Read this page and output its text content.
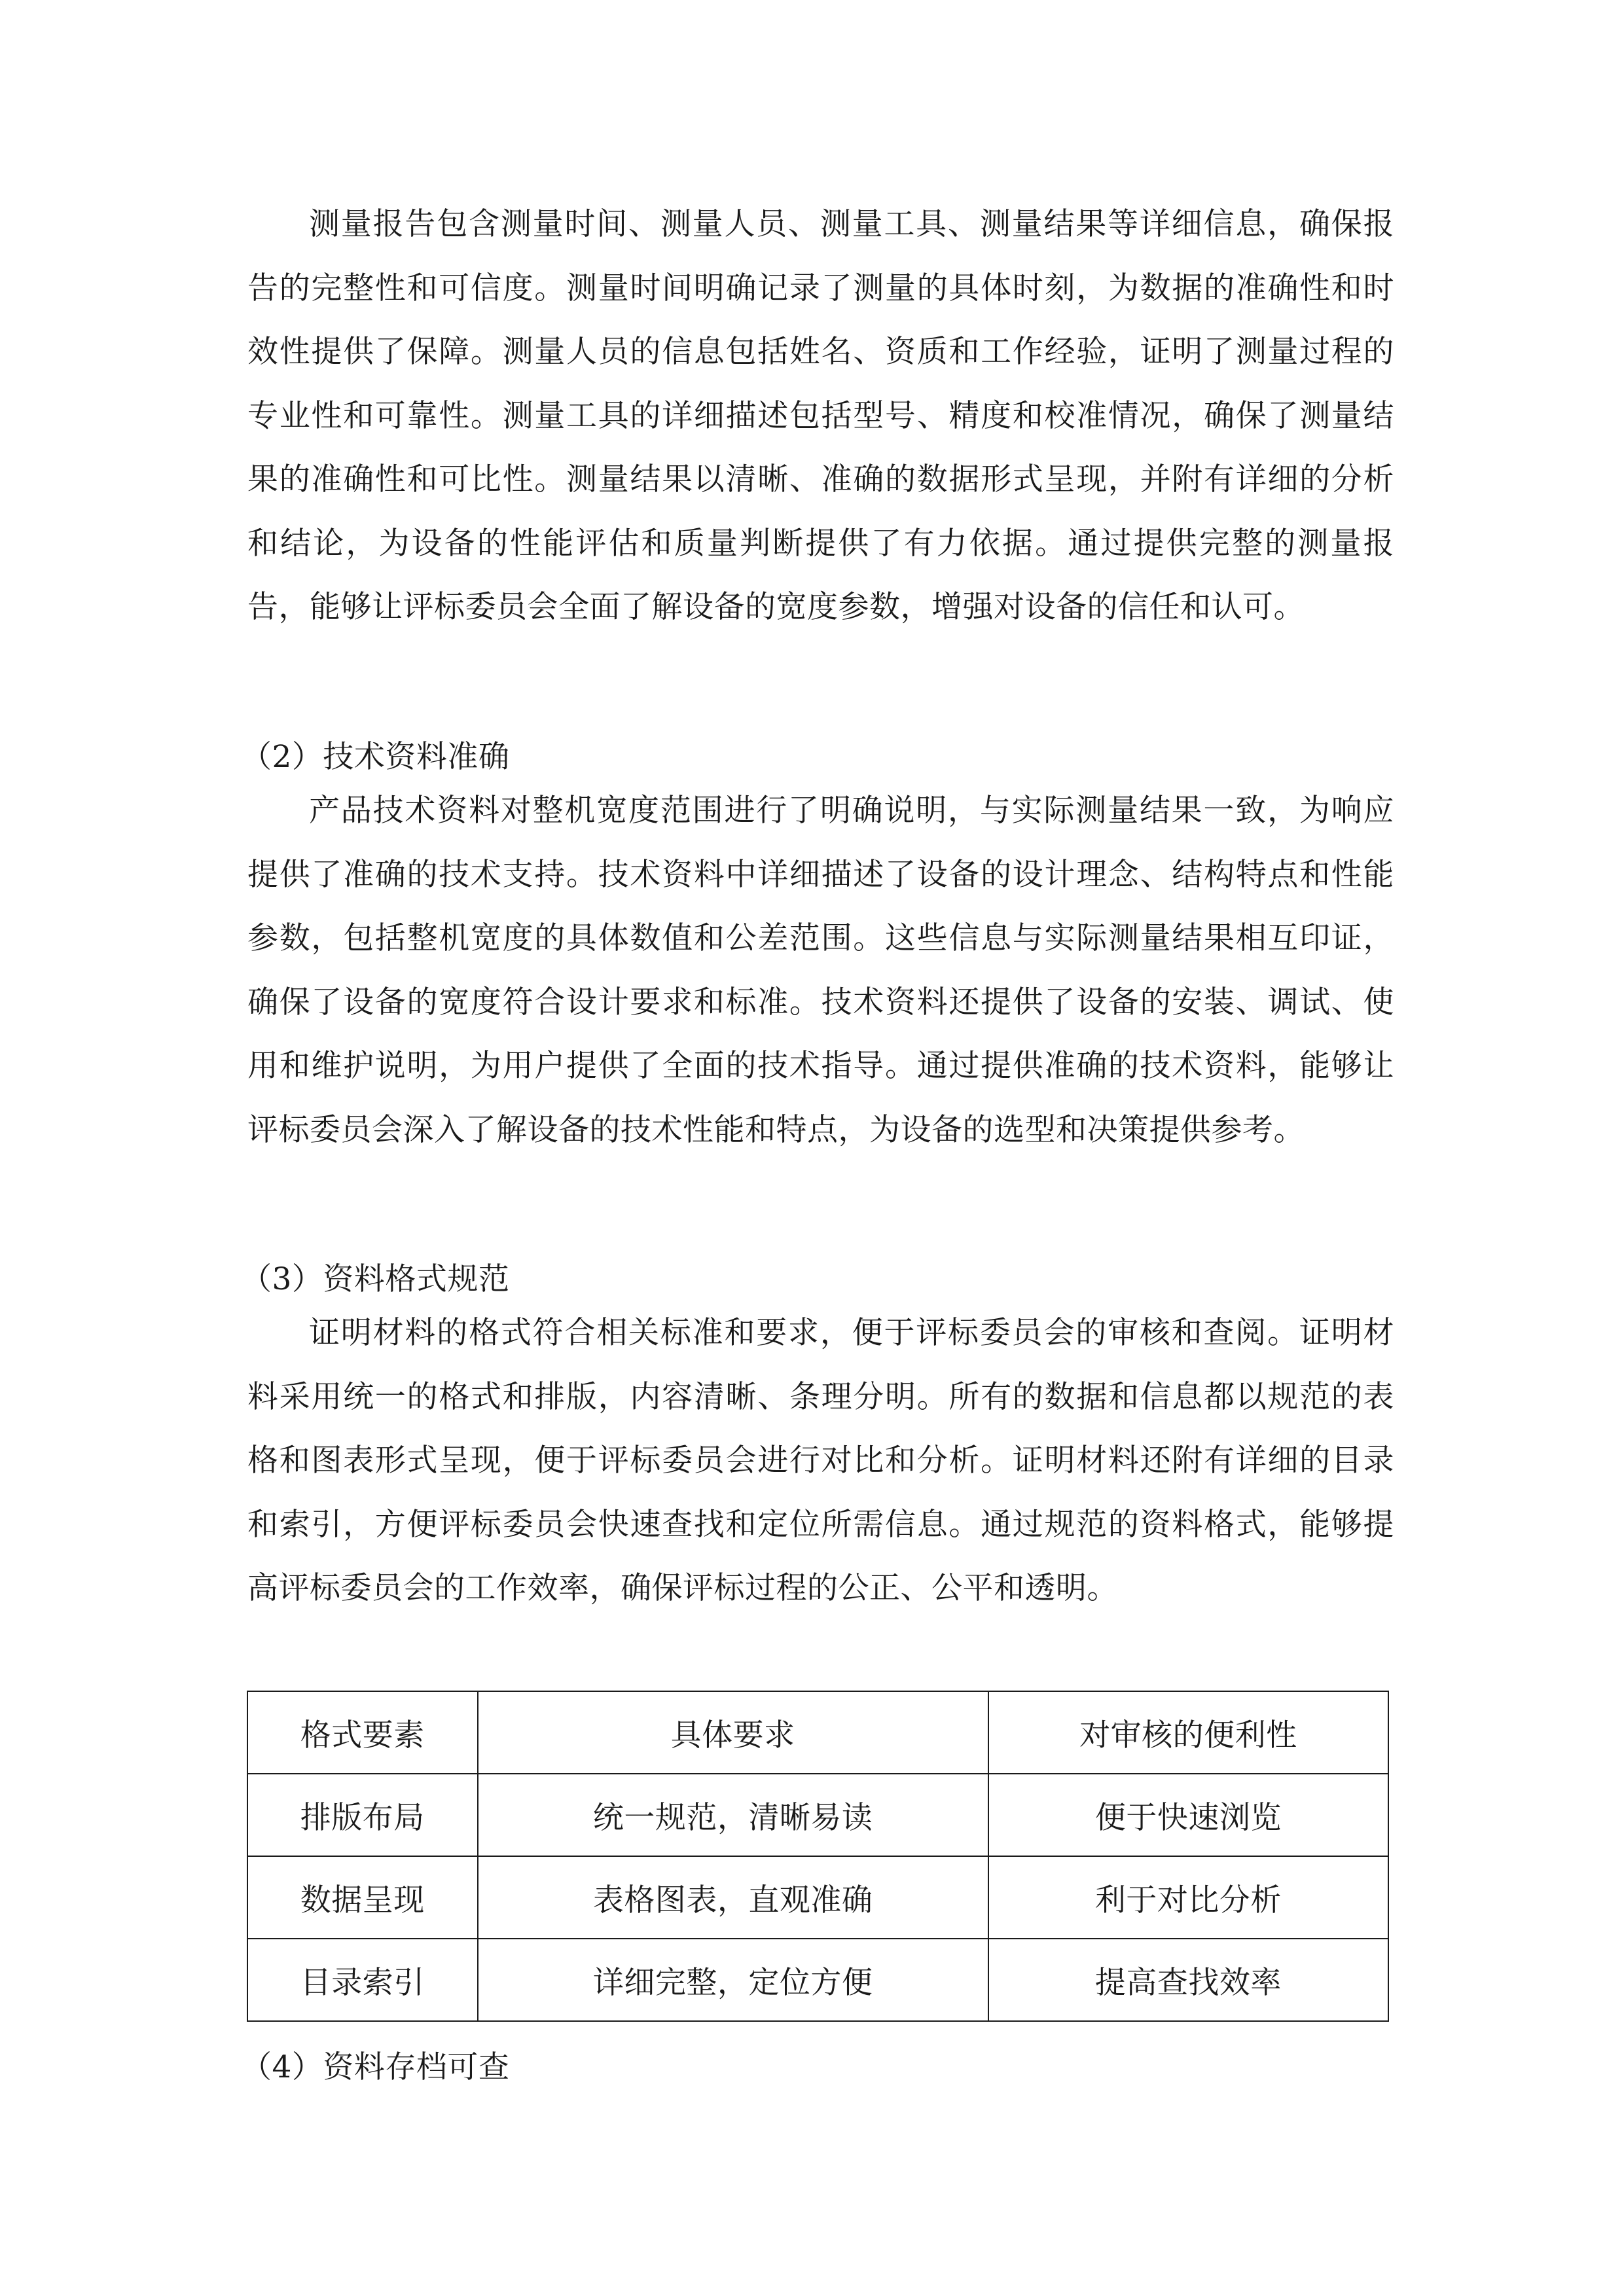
测量报告包含测量时间、测量人员、测量工具、测量结果等详细信息，确保报告的完整性和可信度。测量时间明确记录了测量的具体时刻，为数据的准确性和时效性提供了保障。测量人员的信息包括姓名、资质和工作经验，证明了测量过程的专业性和可靠性。测量工具的详细描述包括型号、精度和校准情况，确保了测量结果的准确性和可比性。测量结果以清晰、准确的数据形式呈现，并附有详细的分析和结论，为设备的性能评估和质量判断提供了有力依据。通过提供完整的测量报告，能够让评标委员会全面了解设备的宽度参数，增强对设备的信任和认可。

（2）技术资料准确

产品技术资料对整机宽度范围进行了明确说明，与实际测量结果一致，为响应提供了准确的技术支持。技术资料中详细描述了设备的设计理念、结构特点和性能参数，包括整机宽度的具体数值和公差范围。这些信息与实际测量结果相互印证，确保了设备的宽度符合设计要求和标准。技术资料还提供了设备的安装、调试、使用和维护说明，为用户提供了全面的技术指导。通过提供准确的技术资料，能够让评标委员会深入了解设备的技术性能和特点，为设备的选型和决策提供参考。

（3）资料格式规范

证明材料的格式符合相关标准和要求，便于评标委员会的审核和查阅。证明材料采用统一的格式和排版，内容清晰、条理分明。所有的数据和信息都以规范的表格和图表形式呈现，便于评标委员会进行对比和分析。证明材料还附有详细的目录和索引，方便评标委员会快速查找和定位所需信息。通过规范的资料格式，能够提高评标委员会的工作效率，确保评标过程的公正、公平和透明。

格式要素	具体要求	对审核的便利性
排版布局	统一规范，清晰易读	便于快速浏览
数据呈现	表格图表，直观准确	利于对比分析
目录索引	详细完整，定位方便	提高查找效率

（4）资料存档可查
